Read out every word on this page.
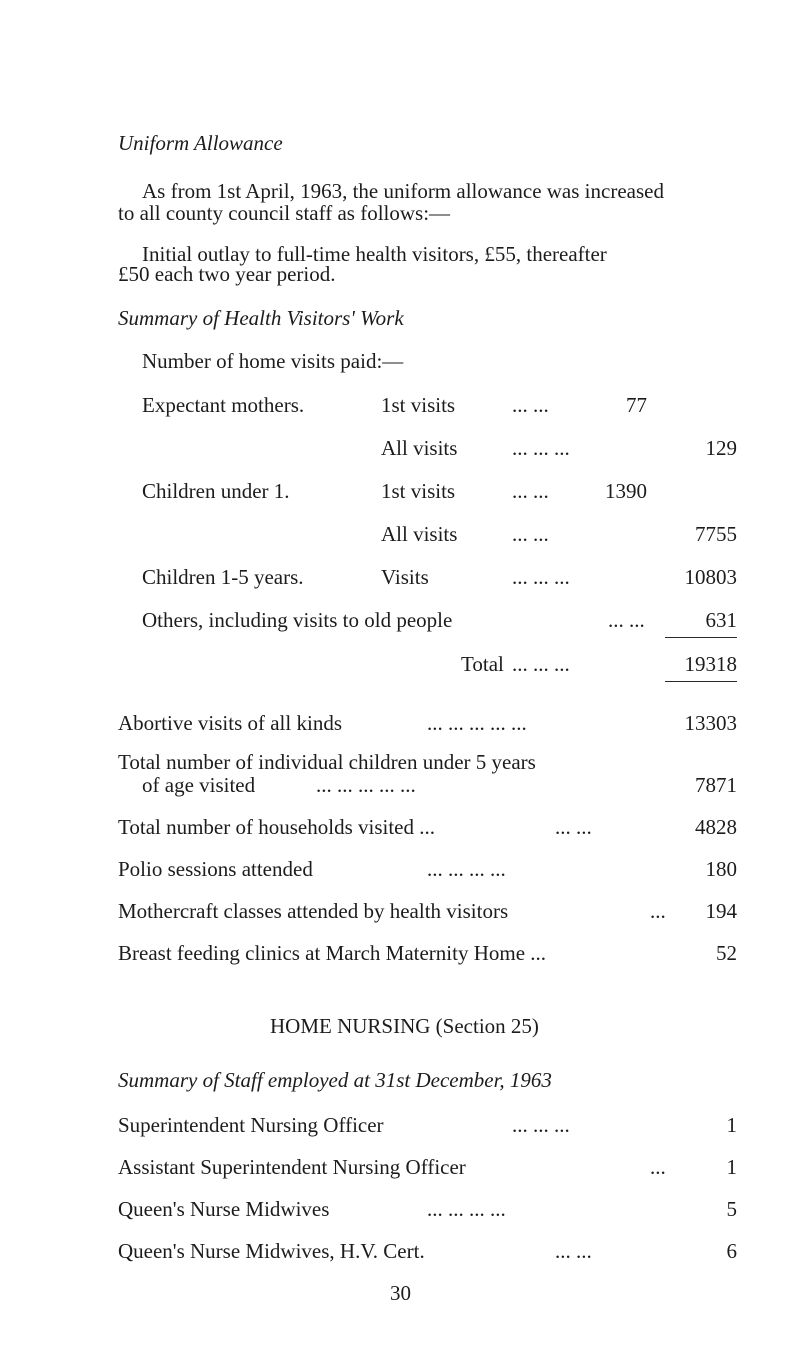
Uniform Allowance
As from 1st April, 1963, the uniform allowance was increased
to all county council staff as follows:—
Initial outlay to full-time health visitors, £55, thereafter
£50 each two year period.
Summary of Health Visitors' Work
Number of home visits paid:—
Expectant mothers.	1st visits	... ...	77
All visits	... ... ...	129
Children under 1.	1st visits	... ...	1390
All visits	... ...	7755
Children 1-5 years.	Visits	... ... ...	10803
Others, including visits to old people	... ...	631
Total ... ... ...	19318
Abortive visits of all kinds	... ... ... ... ...	13303
Total number of individual children under 5 years
of age visited	... ... ... ... ...	7871
Total number of households visited ...	... ...	4828
Polio sessions attended	... ... ... ...	180
Mothercraft classes attended by health visitors	... 194
Breast feeding clinics at March Maternity Home ...	52
HOME NURSING (Section 25)
Summary of Staff employed at 31st December, 1963
Superintendent Nursing Officer	... ... ...	1
Assistant Superintendent Nursing Officer	...	1
Queen's Nurse Midwives	... ... ... ...	5
Queen's Nurse Midwives, H.V. Cert.	... ...	6
30
